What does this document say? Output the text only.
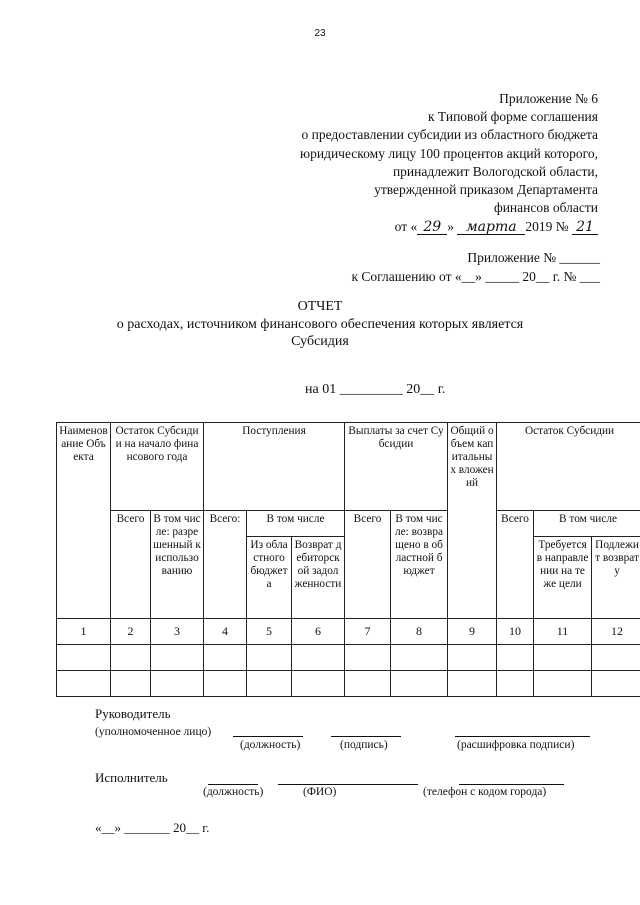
23
Приложение № 6
к Типовой форме соглашения
о предоставлении субсидии из областного бюджета
юридическому лицу 100 процентов акций которого,
принадлежит Вологодской области,
утвержденной приказом Департамента
финансов области
от « 29 » марта 2019 № 21
Приложение № ______
к Соглашению от «__» _____ 20__ г. № ___
ОТЧЕТ
о расходах, источником финансового обеспечения которых является
Субсидия
на 01 _________ 20__ г.
Наименование Объекта	Остаток Субсидии на начало финансового года		Поступления			Выплаты за счет Субсидии		Общий объем капитальных вложений	Остаток Субсидии		
	Всего	В том числе: разрешенный к использованию	Всего:	В том числе		Всего	В том числе: возвращено в областной бюджет		Всего	В том числе	
				Из областного бюджета	Возврат дебиторской задолженности					Требуется в направлении на те же цели	Подлежит возврату
1	2	3	4	5	6	7	8	9	10	11	12

Руководитель
(уполномоченное лицо)
(должность)	(подпись)	(расшифровка подписи)
Исполнитель
(должность)	(ФИО)	(телефон с кодом города)
«__» _______ 20__ г.
